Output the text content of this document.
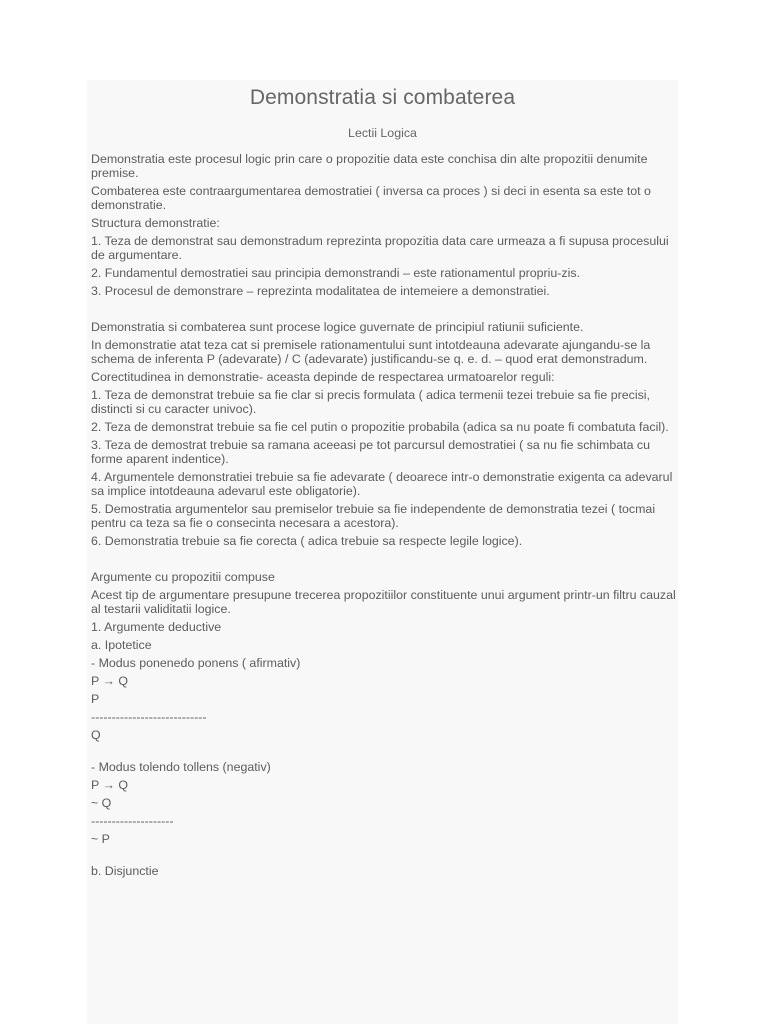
Demonstratia si combaterea
Lectii Logica

Demonstratia este procesul logic prin care o propozitie data este conchisa din alte propozitii denumite premise.

Combaterea este contraargumentarea demostratiei ( inversa ca proces ) si deci in esenta sa este tot o demonstratie.

Structura demonstratie:

1. Teza de demonstrat sau demonstradum reprezinta propozitia data care urmeaza a fi supusa procesului de argumentare.

2. Fundamentul demostratiei sau principia demonstrandi – este rationamentul propriu-zis.

3. Procesul de demonstrare – reprezinta modalitatea de intemeiere a demonstratiei.

Demonstratia si combaterea sunt procese logice guvernate de principiul ratiunii suficiente.

In demonstratie atat teza cat si premisele rationamentului sunt intotdeauna adevarate ajungandu-se la schema de inferenta P (adevarate) / C (adevarate) justificandu-se q. e. d. – quod erat demonstradum.

Corectitudinea in demonstratie- aceasta depinde de respectarea urmatoarelor reguli:

1. Teza de demonstrat trebuie sa fie clar si precis formulata ( adica termenii tezei trebuie sa fie precisi, distincti si cu caracter univoc).

2. Teza de demonstrat trebuie sa fie cel putin o propozitie probabila (adica sa nu poate fi combatuta facil).

3. Teza de demostrat trebuie sa ramana aceeasi pe tot parcursul demostratiei ( sa nu fie schimbata cu forme aparent indentice).

4. Argumentele demonstratiei trebuie sa fie adevarate ( deoarece intr-o demonstratie exigenta ca adevarul sa implice intotdeauna adevarul este obligatorie).

5. Demostratia argumentelor sau premiselor trebuie sa fie independente de demonstratia tezei ( tocmai pentru ca teza sa fie o consecinta necesara a acestora).

6. Demonstratia trebuie sa fie corecta ( adica trebuie sa respecte legile logice).

Argumente cu propozitii compuse

Acest tip de argumentare presupune trecerea propozitiilor constituente unui argument printr-un filtru cauzal al testarii validitatii logice.

1. Argumente deductive

a. Ipotetice

- Modus ponenedo ponens ( afirmativ)

P → Q

P

----------------------------

Q

- Modus tolendo tollens (negativ)

P → Q

~ Q

--------------------

~ P

b. Disjunctie
